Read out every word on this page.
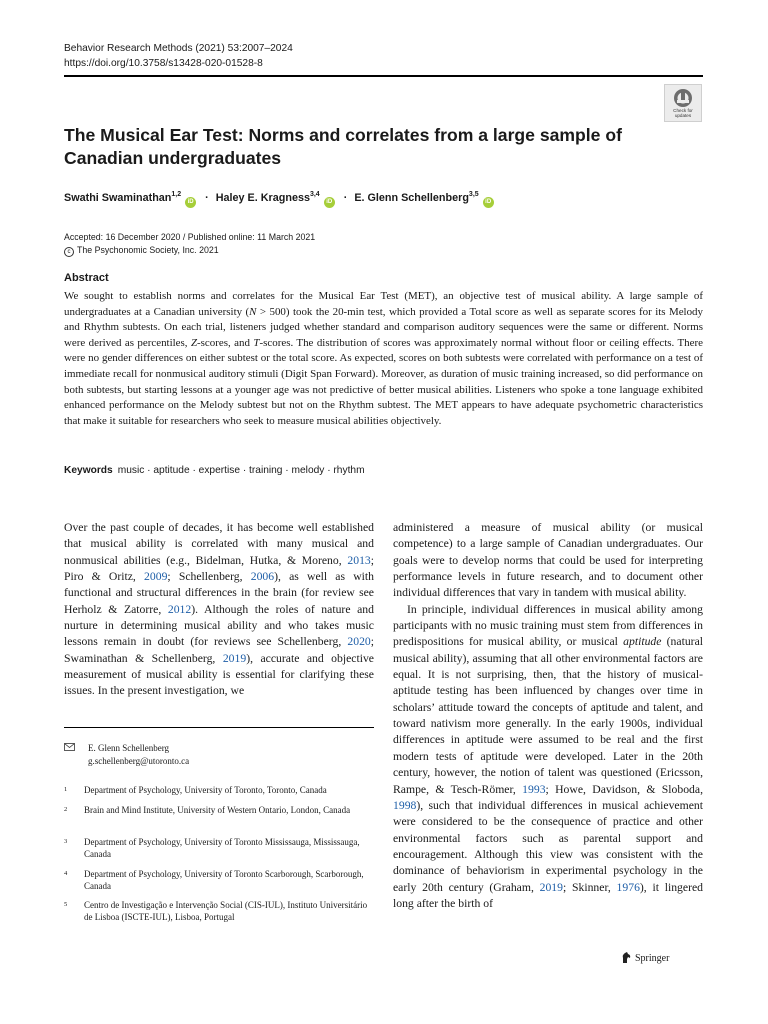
Behavior Research Methods (2021) 53:2007–2024
https://doi.org/10.3758/s13428-020-01528-8
Check for
updates
The Musical Ear Test: Norms and correlates from a large sample of Canadian undergraduates
Swathi Swaminathan$^{1,2}$ iD · Haley E. Kragness$^{3,4}$ iD · E. Glenn Schellenberg$^{3,5}$ iD
Accepted: 16 December 2020 / Published online: 11 March 2021
c The Psychonomic Society, Inc. 2021
Abstract
We sought to establish norms and correlates for the Musical Ear Test (MET), an objective test of musical ability. A large sample of undergraduates at a Canadian university (N > 500) took the 20-min test, which provided a Total score as well as separate scores for its Melody and Rhythm subtests. On each trial, listeners judged whether standard and comparison auditory sequences were the same or different. Norms were derived as percentiles, Z-scores, and T-scores. The distribution of scores was approximately normal without floor or ceiling effects. There were no gender differences on either subtest or the total score. As expected, scores on both subtests were correlated with performance on a test of immediate recall for nonmusical auditory stimuli (Digit Span Forward). Moreover, as duration of music training increased, so did performance on both subtests, but starting lessons at a younger age was not predictive of better musical abilities. Listeners who spoke a tone language exhibited enhanced performance on the Melody subtest but not on the Rhythm subtest. The MET appears to have adequate psychometric characteristics that make it suitable for researchers who seek to measure musical abilities objectively.
Keywords music · aptitude · expertise · training · melody · rhythm

Over the past couple of decades, it has become well established that musical ability is correlated with many musical and nonmusical abilities (e.g., Bidelman, Hutka, & Moreno, 2013; Piro & Oritz, 2009; Schellenberg, 2006), as well as with functional and structural differences in the brain (for review see Herholz & Zatorre, 2012). Although the roles of nature and nurture in determining musical ability and who takes music lessons remain in doubt (for reviews see Schellenberg, 2020; Swaminathan & Schellenberg, 2019), accurate and objective measurement of musical ability is essential for clarifying these issues. In the present investigation, we

E. Glenn Schellenberg
g.schellenberg@utoronto.ca
1 Department of Psychology, University of Toronto, Toronto, Canada
2 Brain and Mind Institute, University of Western Ontario, London, Canada
3 Department of Psychology, University of Toronto Mississauga, Mississauga, Canada
4 Department of Psychology, University of Toronto Scarborough, Scarborough, Canada
5 Centro de Investigação e Intervenção Social (CIS-IUL), Instituto Universitário de Lisboa (ISCTE-IUL), Lisboa, Portugal

administered a measure of musical ability (or musical competence) to a large sample of Canadian undergraduates. Our goals were to develop norms that could be used for interpreting performance levels in future research, and to document other individual differences that vary in tandem with musical ability.

In principle, individual differences in musical ability among participants with no music training must stem from differences in predispositions for musical ability, or musical aptitude (natural musical ability), assuming that all other environmental factors are equal. It is not surprising, then, that the history of musical-aptitude testing has been influenced by changes over time in scholars’ attitude toward the concepts of aptitude and talent, and toward nativism more generally. In the early 1900s, individual differences in aptitude were assumed to be real and the first modern tests of aptitude were developed. Later in the 20th century, however, the notion of talent was questioned (Ericsson, Rampe, & Tesch-Römer, 1993; Howe, Davidson, & Sloboda, 1998), such that individual differences in musical achievement were considered to be the consequence of practice and other environmental factors such as parental support and encouragement. Although this view was consistent with the dominance of behaviorism in experimental psychology in the early 20th century (Graham, 2019; Skinner, 1976), it lingered long after the birth of

Springer
